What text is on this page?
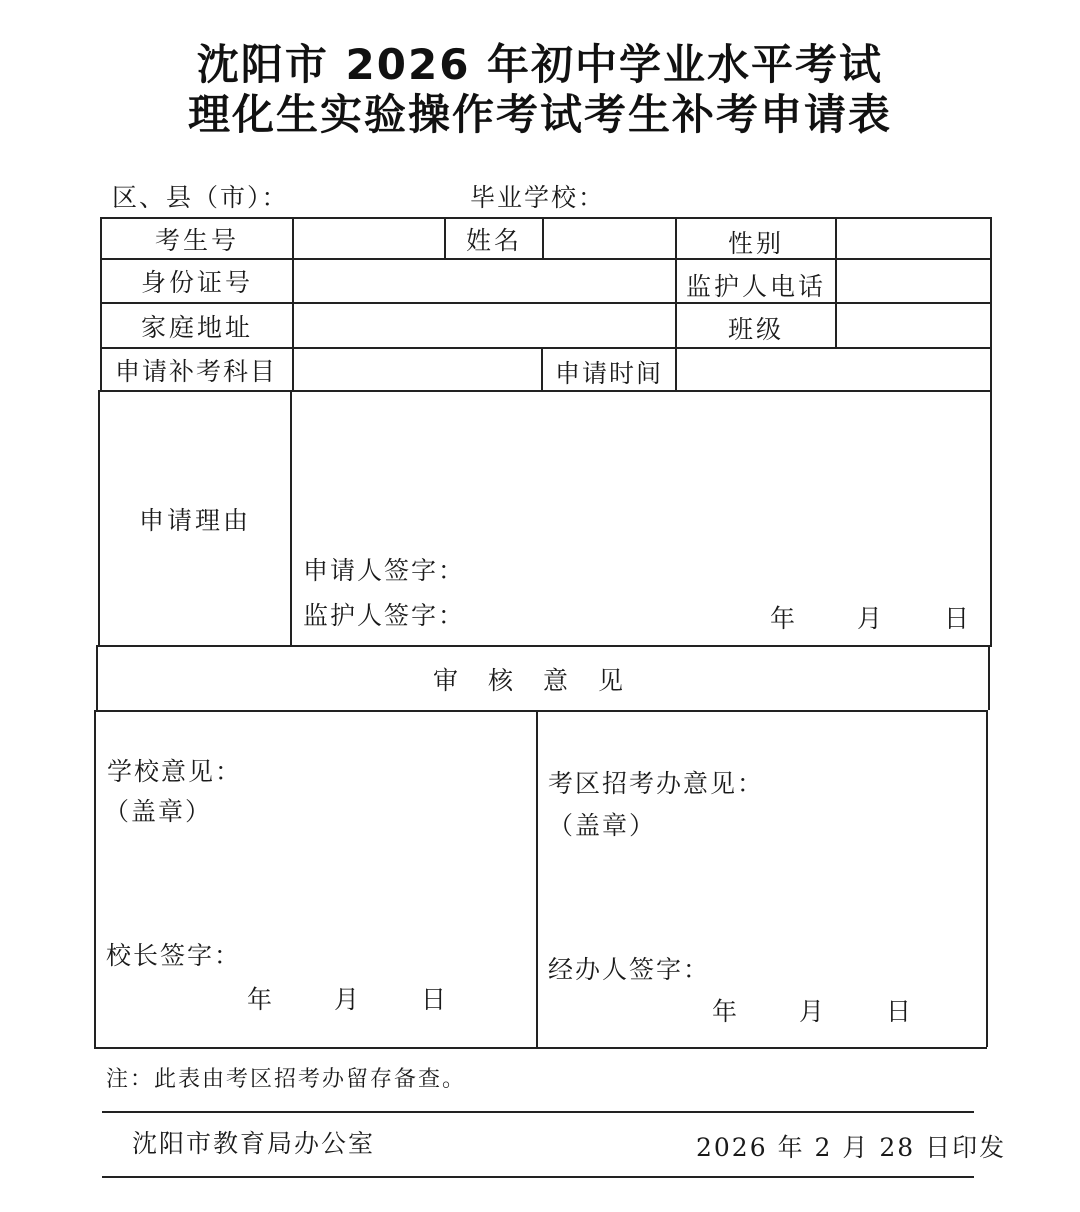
沈阳市 2026 年初中学业水平考试
理化生实验操作考试考生补考申请表
区、县（市）：	毕业学校：
考生号	姓名	性别
身份证号	监护人电话
家庭地址	班级
申请补考科目	申请时间
申请理由
申请人签字：
监护人签字：	年　　月　　日
审核意见
学校意见：
（盖章）
校长签字：
年　　月　　日
考区招考办意见：
（盖章）
经办人签字：
年　　月　　日
注：此表由考区招考办留存备查。
沈阳市教育局办公室	2026 年 2 月 28 日印发
